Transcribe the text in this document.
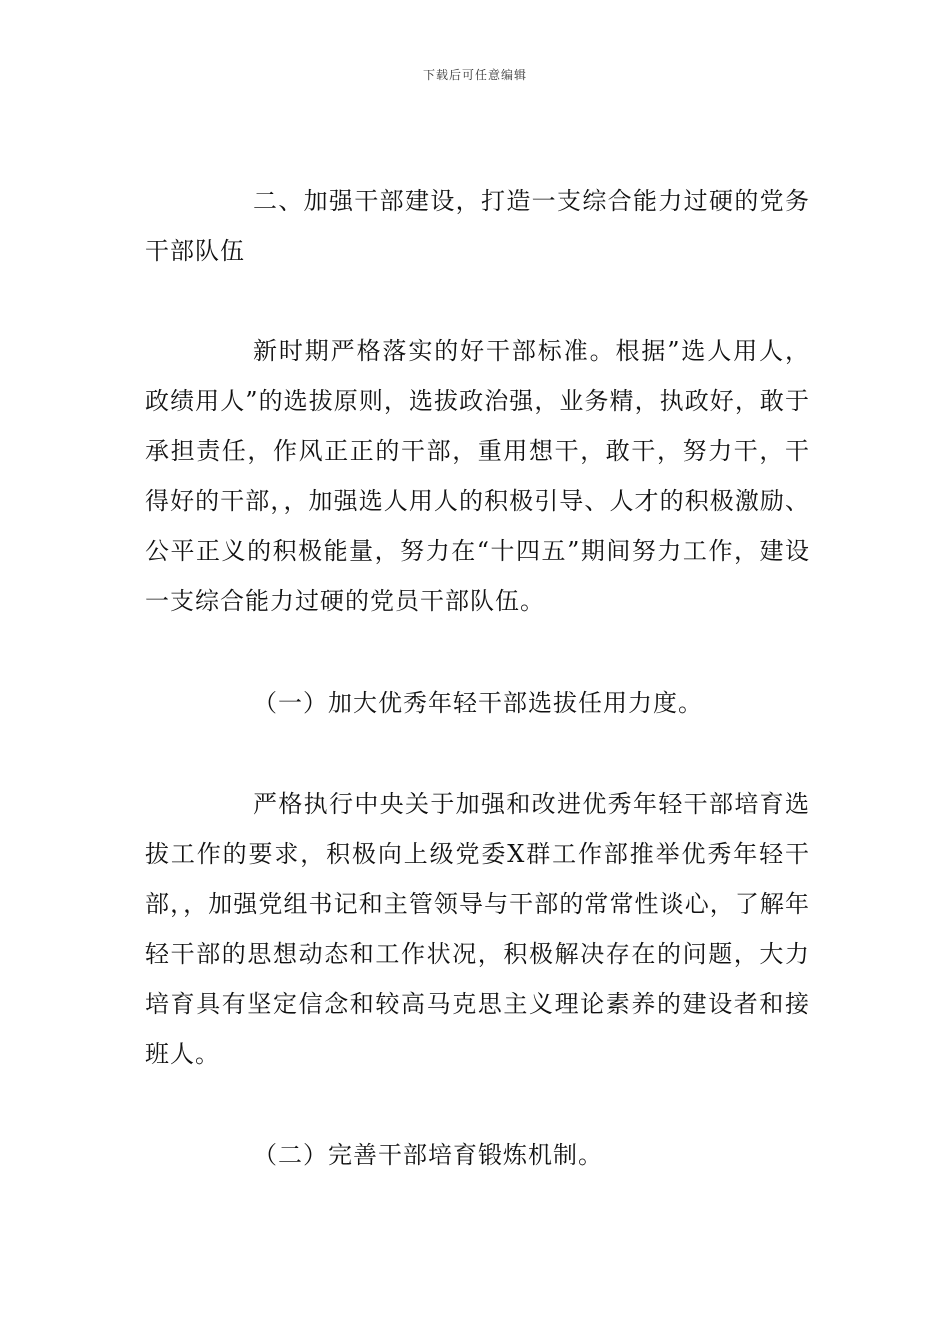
下载后可任意编辑

二、加强干部建设，打造一支综合能力过硬的党务干部队伍

新时期严格落实的好干部标准。根据”选人用人，政绩用人”的选拔原则，选拔政治强，业务精，执政好，敢于承担责任，作风正正的干部，重用想干，敢干，努力干，干得好的干部，，加强选人用人的积极引导、人才的积极激励、公平正义的积极能量，努力在“十四五”期间努力工作，建设一支综合能力过硬的党员干部队伍。

（一）加大优秀年轻干部选拔任用力度。

严格执行中央关于加强和改进优秀年轻干部培育选拔工作的要求，积极向上级党委X群工作部推举优秀年轻干部，，加强党组书记和主管领导与干部的常常性谈心，了解年轻干部的思想动态和工作状况，积极解决存在的问题，大力培育具有坚定信念和较高马克思主义理论素养的建设者和接班人。

（二）完善干部培育锻炼机制。
